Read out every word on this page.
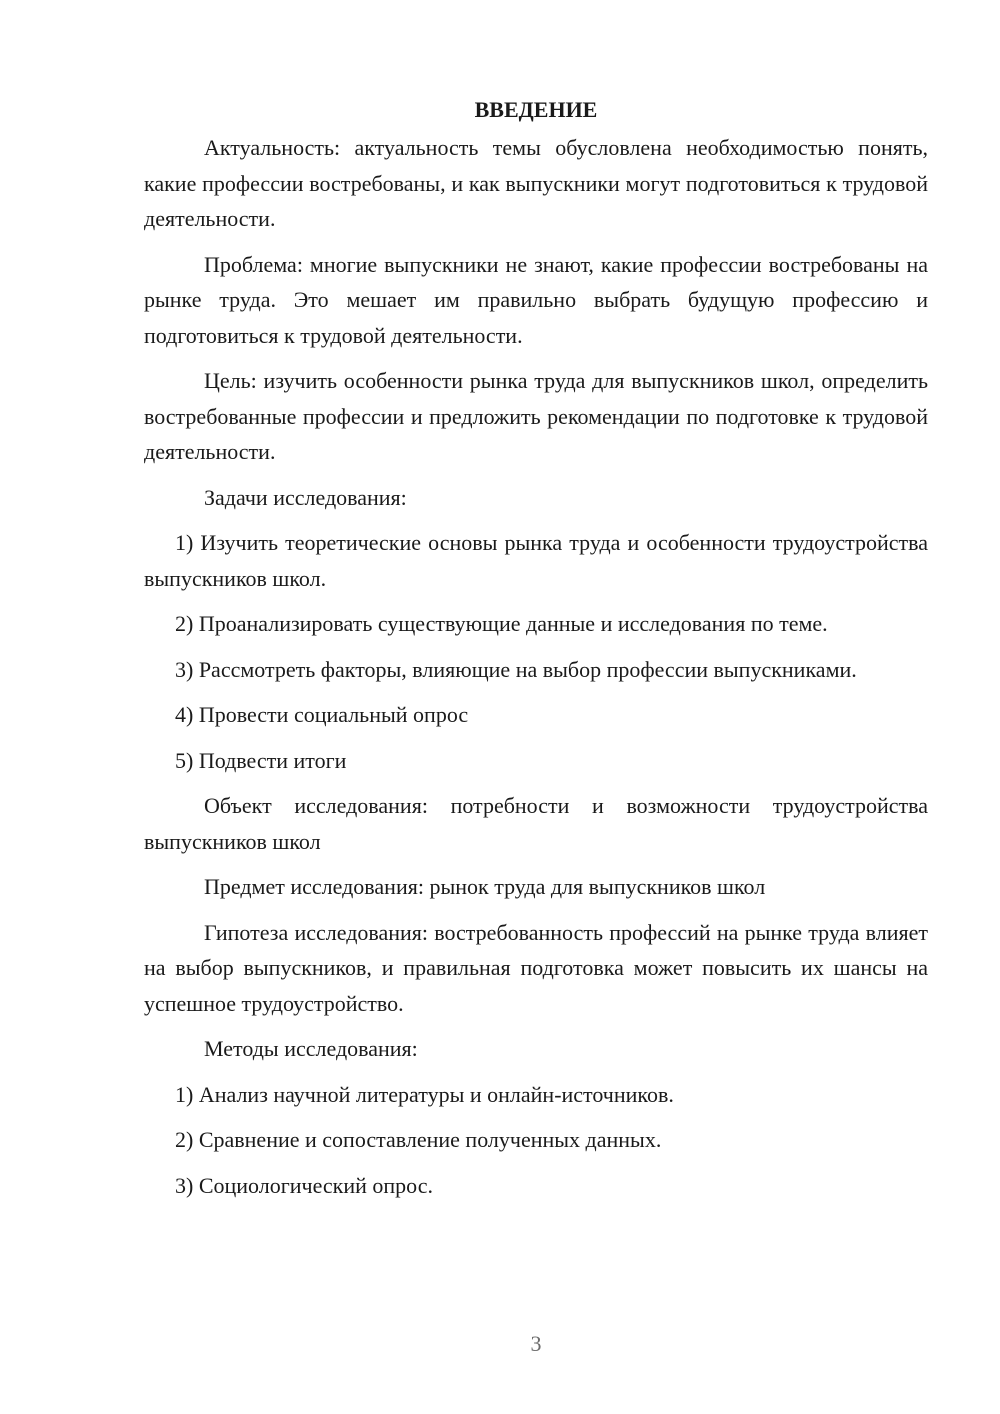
ВВЕДЕНИЕ

Актуальность: актуальность темы обусловлена необходимостью понять, какие профессии востребованы, и как выпускники могут подготовиться к трудовой деятельности.

Проблема: многие выпускники не знают, какие профессии востребованы на рынке труда. Это мешает им правильно выбрать будущую профессию и подготовиться к трудовой деятельности.

Цель: изучить особенности рынка труда для выпускников школ, определить востребованные профессии и предложить рекомендации по подготовке к трудовой деятельности.

Задачи исследования:

1) Изучить теоретические основы рынка труда и особенности трудоустройства выпускников школ.

2) Проанализировать существующие данные и исследования по теме.

3) Рассмотреть факторы, влияющие на выбор профессии выпускниками.

4) Провести социальный опрос

5) Подвести итоги

Объект исследования: потребности и возможности трудоустройства выпускников школ

Предмет исследования: рынок труда для выпускников школ

Гипотеза исследования: востребованность профессий на рынке труда влияет на выбор выпускников, и правильная подготовка может повысить их шансы на успешное трудоустройство.

Методы исследования:

1) Анализ научной литературы и онлайн-источников.

2) Сравнение и сопоставление полученных данных.

3) Социологический опрос.

3
